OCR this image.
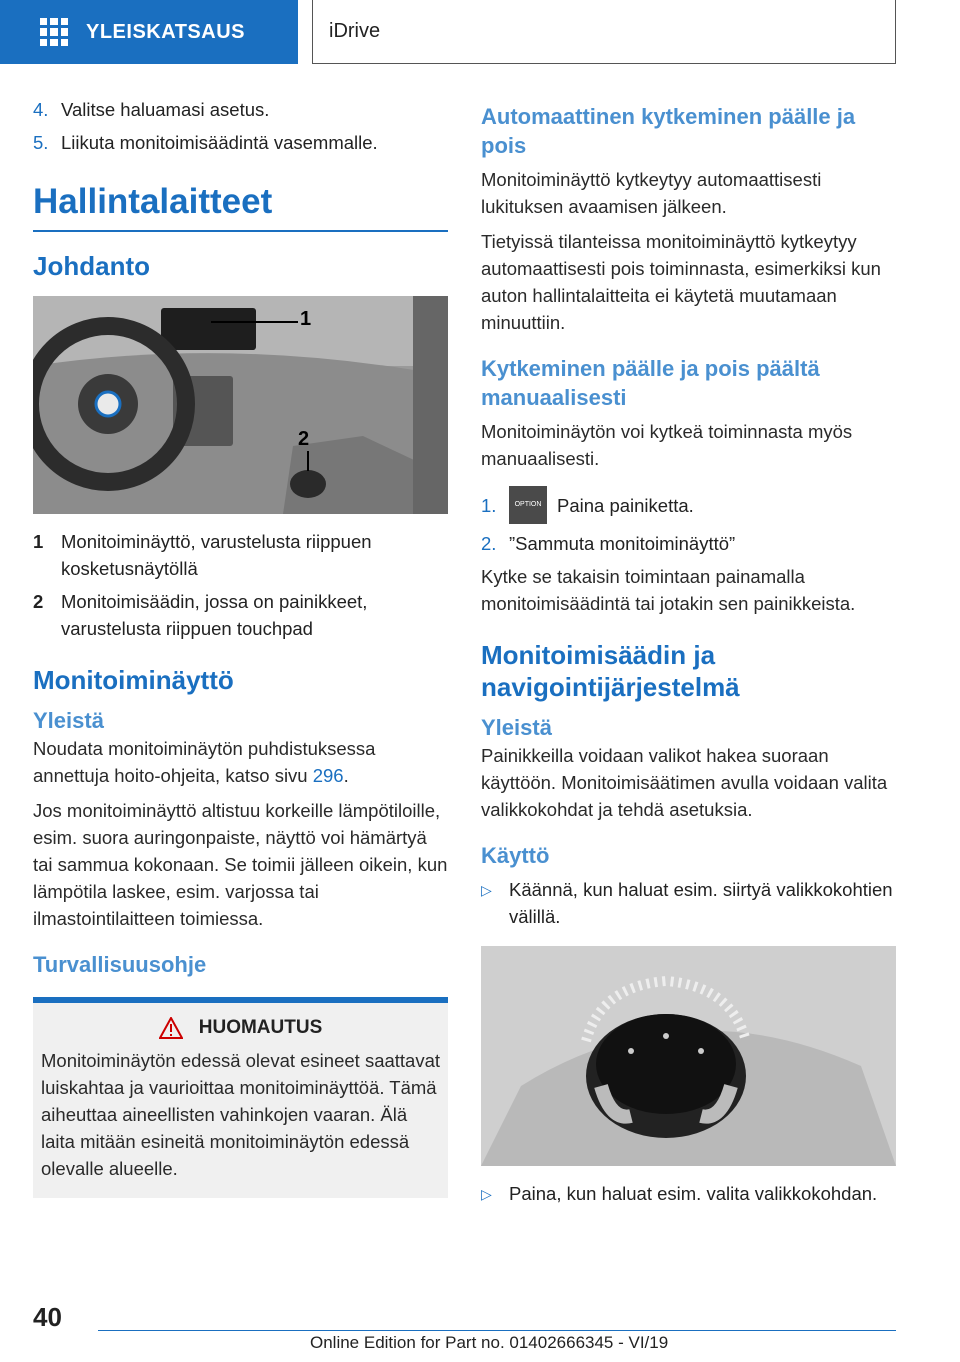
YLEISKATSAUS	iDrive
4. Valitse haluamasi asetus.
5. Liikuta monitoimisäädintä vasemmalle.
Hallintalaitteet
Johdanto
1
2
1 Monitoiminäyttö, varustelusta riippuen kosketusnäytöllä
2 Monitoimisäädin, jossa on painikkeet, varustelusta riippuen touchpad
Monitoiminäyttö
Yleistä

Noudata monitoiminäytön puhdistuksessa annettuja hoito-ohjeita, katso sivu 296.

Jos monitoiminäyttö altistuu korkeille lämpötiloille, esim. suora auringonpaiste, näyttö voi hämärtyä tai sammua kokonaan. Se toimii jälleen oikein, kun lämpötila laskee, esim. varjossa tai ilmastointilaitteen toimiessa.

Turvallisuusohje
HUOMAUTUS

Monitoiminäytön edessä olevat esineet saattavat luiskahtaa ja vaurioittaa monitoiminäyttöä. Tämä aiheuttaa aineellisten vahinkojen vaaran. Älä laita mitään esineitä monitoiminäytön edessä olevalle alueelle.

Automaattinen kytkeminen päälle ja pois

Monitoiminäyttö kytkeytyy automaattisesti lukituksen avaamisen jälkeen.

Tietyissä tilanteissa monitoiminäyttö kytkeytyy automaattisesti pois toiminnasta, esimerkiksi kun auton hallintalaitteita ei käytetä muutamaan minuuttiin.

Kytkeminen päälle ja pois päältä manuaalisesti

Monitoiminäytön voi kytkeä toiminnasta myös manuaalisesti.

1.	OPTION Paina painiketta.
2. ”Sammuta monitoiminäyttö”

Kytke se takaisin toimintaan painamalla monitoimisäädintä tai jotakin sen painikkeista.

Monitoimisäädin ja navigointijärjestelmä
Yleistä

Painikkeilla voidaan valikot hakea suoraan käyttöön. Monitoimisäätimen avulla voidaan valita valikkokohdat ja tehdä asetuksia.

Käyttö
▷ Käännä, kun haluat esim. siirtyä valikkokohtien välillä.
▷ Paina, kun haluat esim. valita valikkokohdan.
40
Online Edition for Part no. 01402666345 - VI/19
